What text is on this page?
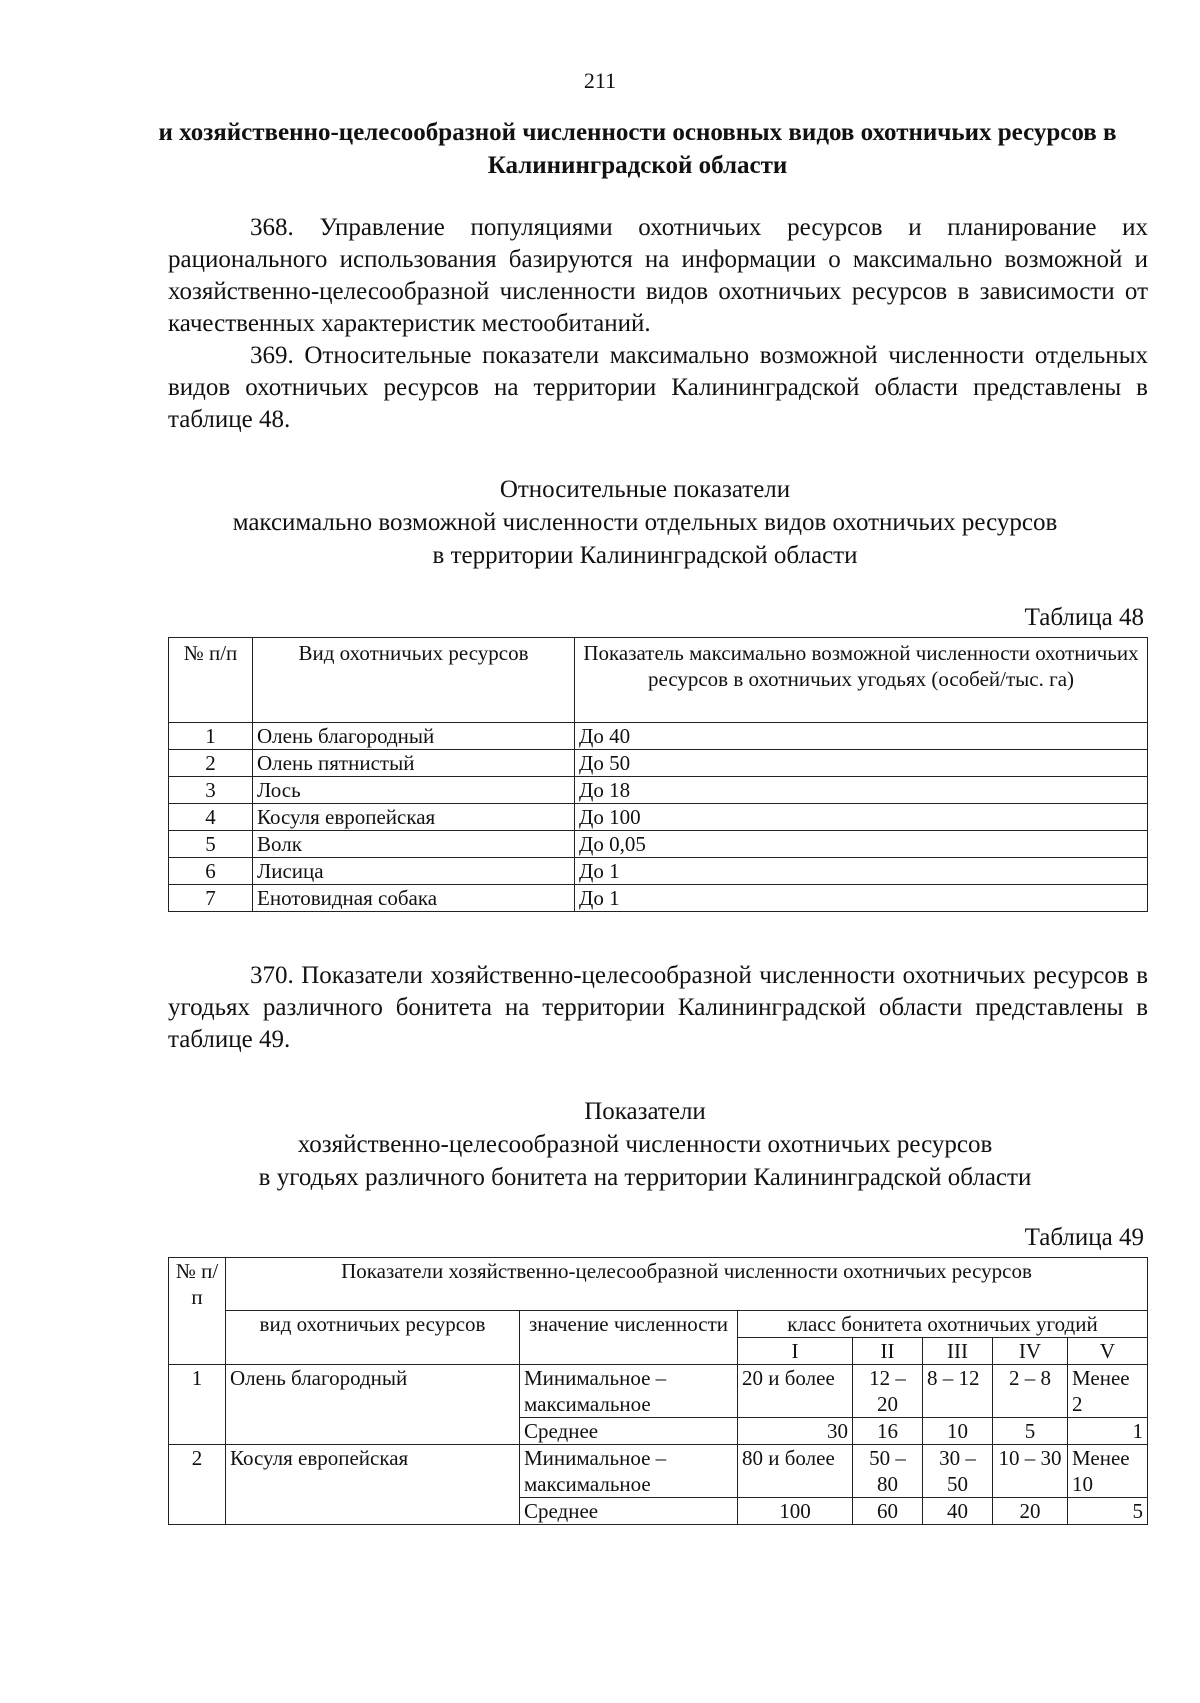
211
и хозяйственно-целесообразной численности основных видов охотничьих ресурсов в Калининградской области

368. Управление популяциями охотничьих ресурсов и планирование их рационального использования базируются на информации о максимально возможной и хозяйственно-целесообразной численности видов охотничьих ресурсов в зависимости от качественных характеристик местообитаний.

369. Относительные показатели максимально возможной численности отдельных видов охотничьих ресурсов на территории Калининградской области представлены в таблице 48.

Относительные показатели
максимально возможной численности отдельных видов охотничьих ресурсов
в территории Калининградской области
Таблица 48
№ п/п	Вид охотничьих ресурсов	Показатель максимально возможной численности охотничьих ресурсов в охотничьих угодьях (особей/тыс. га)
1	Олень благородный	До 40
2	Олень пятнистый	До 50
3	Лось	До 18
4	Косуля европейская	До 100
5	Волк	До 0,05
6	Лисица	До 1
7	Енотовидная собака	До 1

370. Показатели хозяйственно-целесообразной численности охотничьих ресурсов в угодьях различного бонитета на территории Калининградской области представлены в таблице 49.

Показатели
хозяйственно-целесообразной численности охотничьих ресурсов
в угодьях различного бонитета на территории Калининградской области
Таблица 49
№ п/п	Показатели хозяйственно-целесообразной численности охотничьих ресурсов						
	вид охотничьих ресурсов	значение численности	класс бонитета охотничьих угодий				
			I	II	III	IV	V
1	Олень благородный	Минимальное – максимальное	20 и более	12 – 20	8 – 12	2 – 8	Менее 2
		Среднее	30	16	10	5	1
2	Косуля европейская	Минимальное – максимальное	80 и более	50 – 80	30 – 50	10 – 30	Менее 10
		Среднее	100	60	40	20	5
